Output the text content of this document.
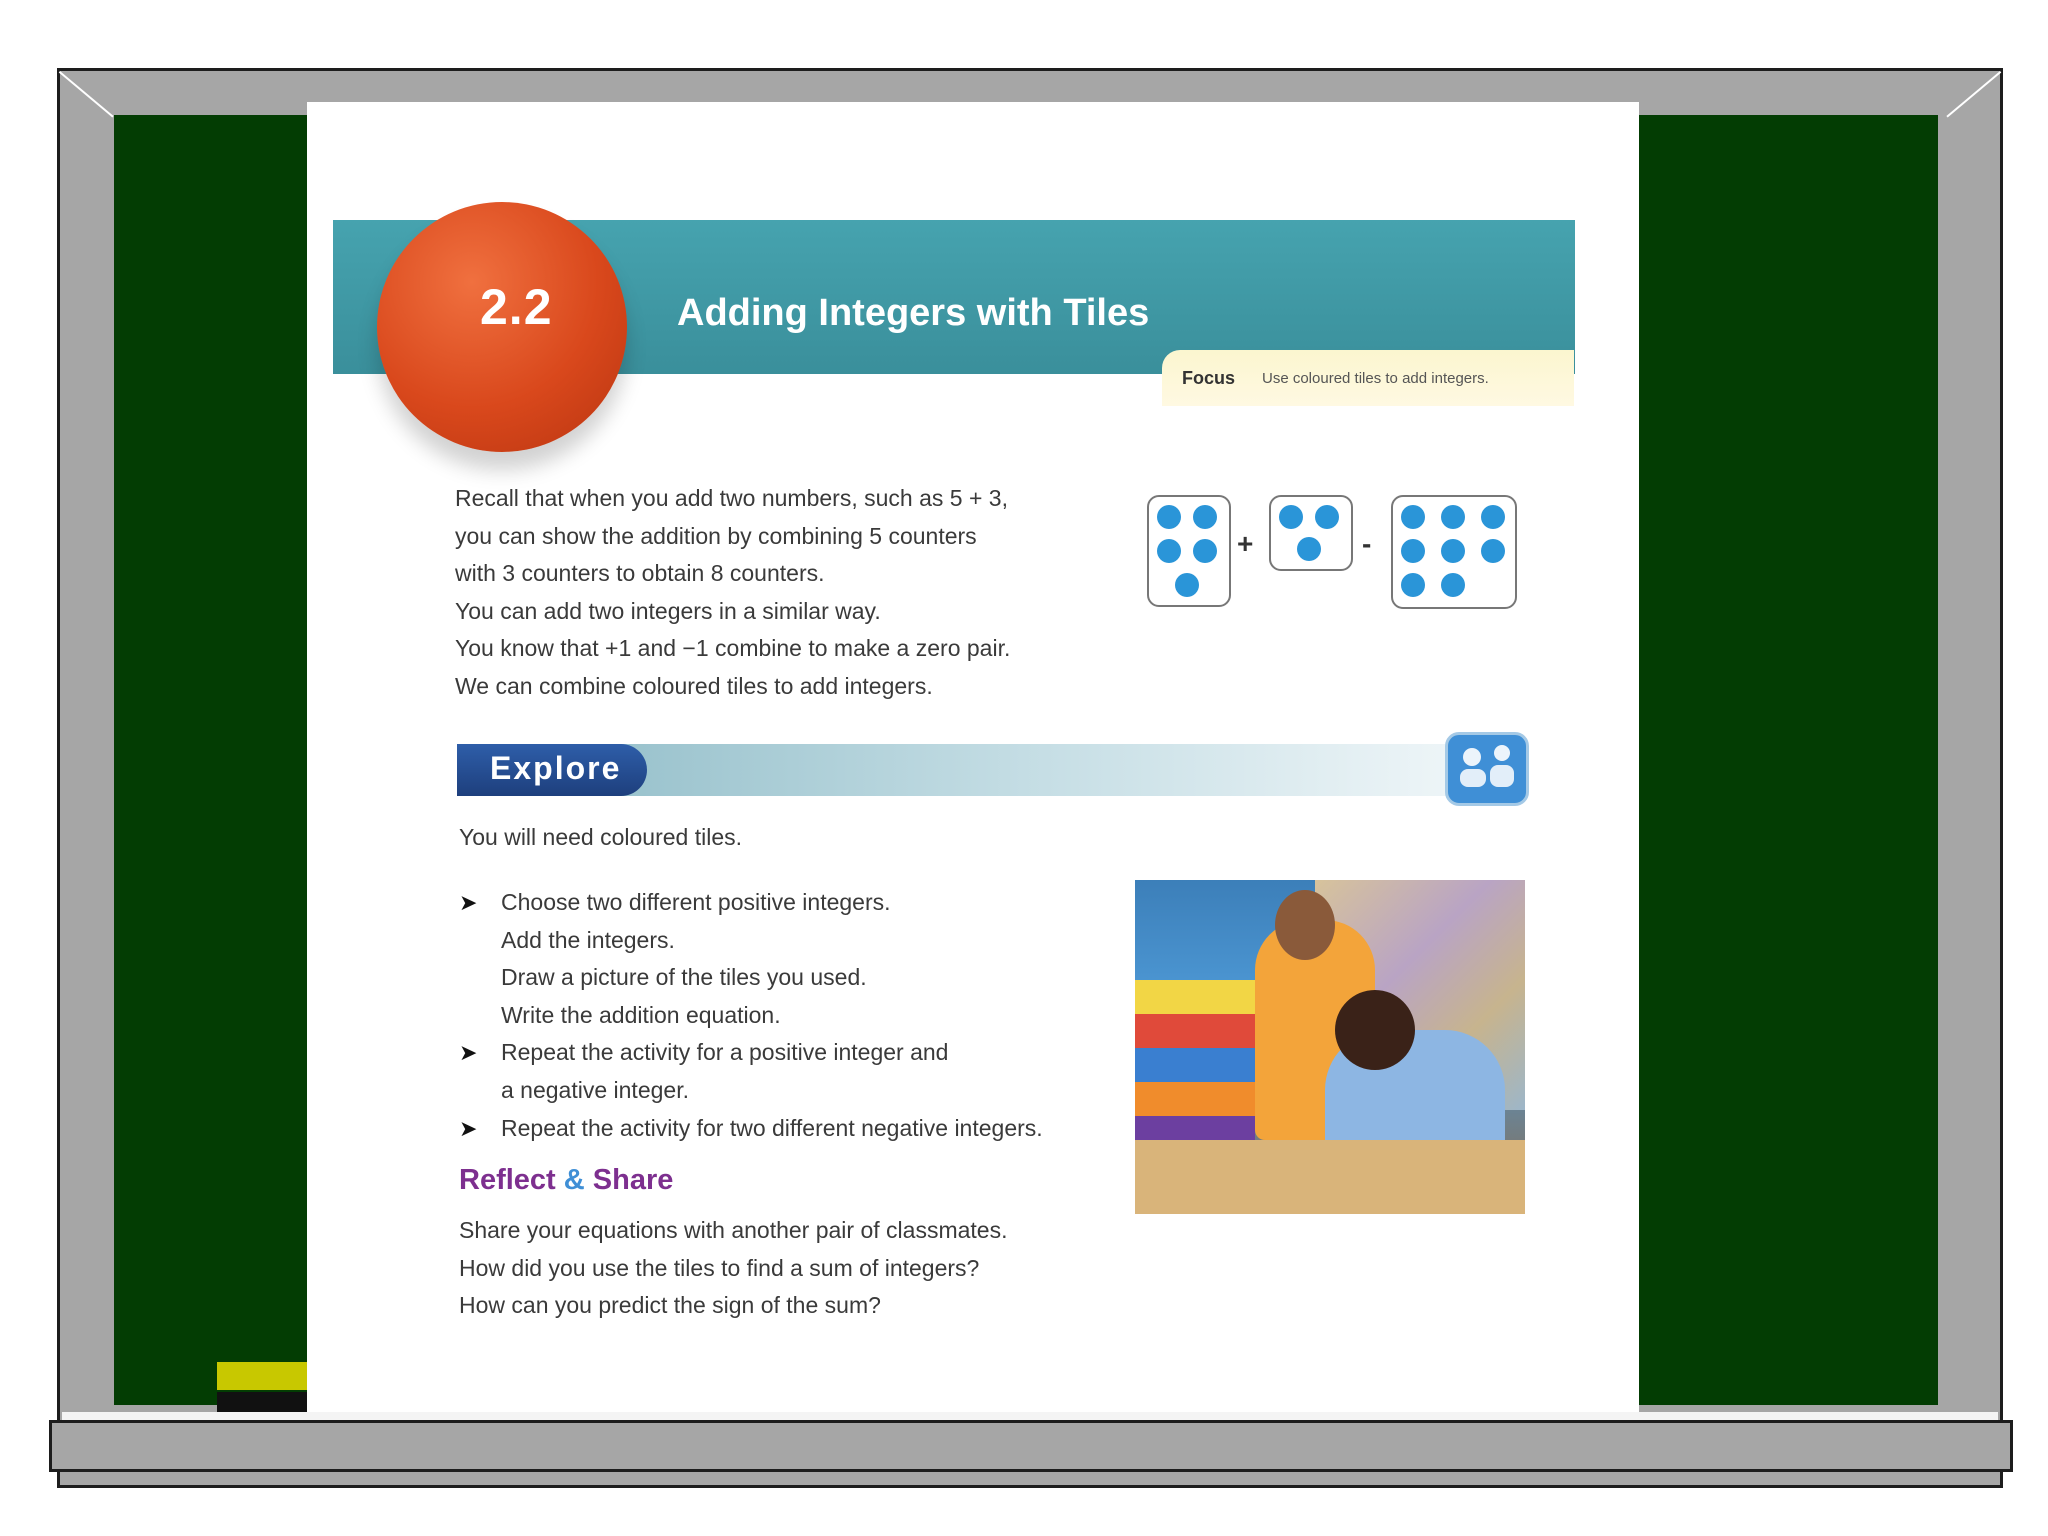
2.2	Adding Integers with Tiles
Focus Use coloured tiles to add integers.
Recall that when you add two numbers, such as 5 + 3,
you can show the addition by combining 5 counters
with 3 counters to obtain 8 counters.
You can add two integers in a similar way.
You know that +1 and −1 combine to make a zero pair.
We can combine coloured tiles to add integers.
+	-
Explore
You will need coloured tiles.
➤ Choose two different positive integers.
Add the integers.
Draw a picture of the tiles you used.
Write the addition equation.
➤ Repeat the activity for a positive integer and
a negative integer.
➤ Repeat the activity for two different negative integers.
Reflect & Share
Share your equations with another pair of classmates.
How did you use the tiles to find a sum of integers?
How can you predict the sign of the sum?
